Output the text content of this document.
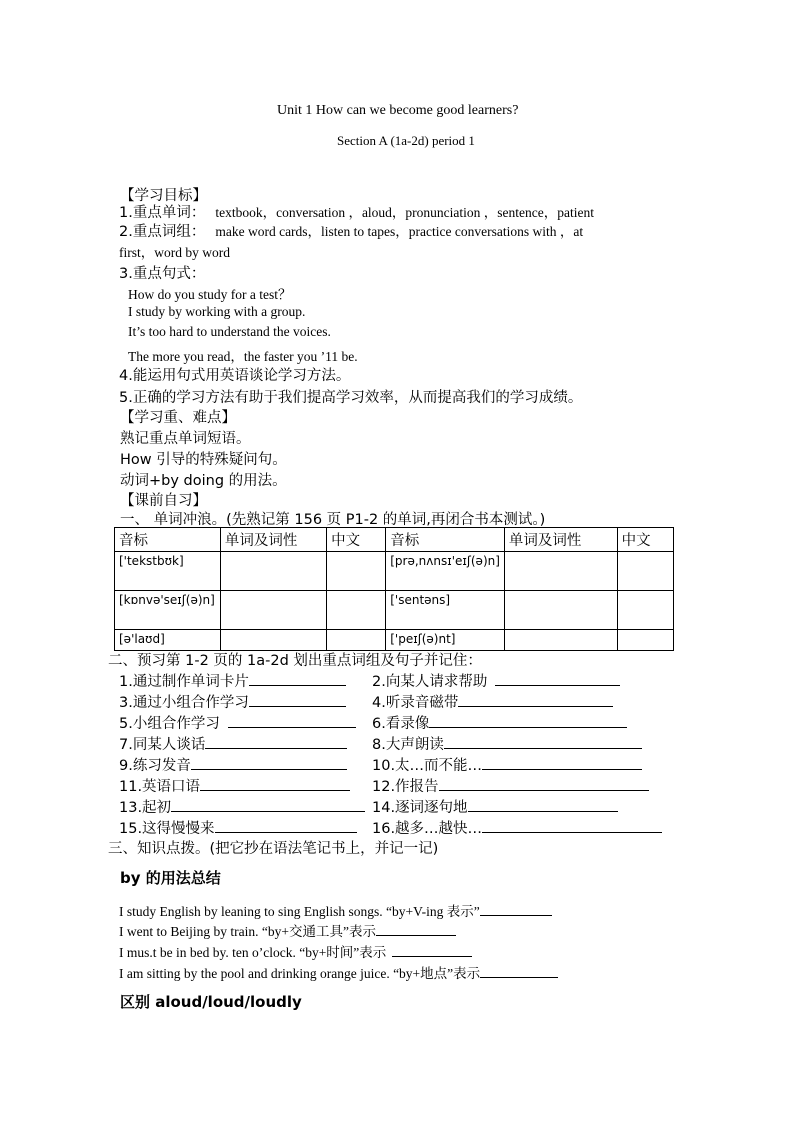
Unit 1 How can we become good learners?
Section A (1a-2d) period 1
【学习目标】
1.重点单词： textbook，conversation ，aloud，pronunciation ，sentence，patient
2.重点词组： make word cards，listen to tapes，practice conversations with ，at
first，word by word
3.重点句式：
How do you study for a test？
I study by working with a group.
It’s too hard to understand the voices.
The more you read，the faster you ’11 be.
4.能运用句式用英语谈论学习方法。
5.正确的学习方法有助于我们提高学习效率，从而提高我们的学习成绩。
【学习重、难点】
熟记重点单词短语。
How 引导的特殊疑问句。
动词+by doing 的用法。
【课前自习】
一、 单词冲浪。(先熟记第 156 页 P1-2 的单词,再闭合书本测试。)
音标	单词及词性	中文	音标	单词及词性	中文
['tekstbʊk]			[prə,nʌnsɪ'eɪʃ(ə)n]		
[kɒnvə'seɪʃ(ə)n]			['sentəns]		
[ə'laʊd]			['peɪʃ(ə)nt]		
二、预习第 1-2 页的 1a-2d 划出重点词组及句子并记住：
1.通过制作单词卡片	2.向某人请求帮助
3.通过小组合作学习	4.听录音磁带
5.小组合作学习	6.看录像
7.同某人谈话	8.大声朗读
9.练习发音	10.太…而不能…
11.英语口语	12.作报告
13.起初	14.逐词逐句地
15.这得慢慢来	16.越多…越快…
三、知识点拨。(把它抄在语法笔记书上，并记一记)
by 的用法总结
I study English by leaning to sing English songs. “by+V-ing 表示”
I went to Beijing by train. “by+交通工具”表示
I mus.t be in bed by. ten o’clock. “by+时间”表示
I am sitting by the pool and drinking orange juice. “by+地点”表示
区别 aloud/loud/loudly
